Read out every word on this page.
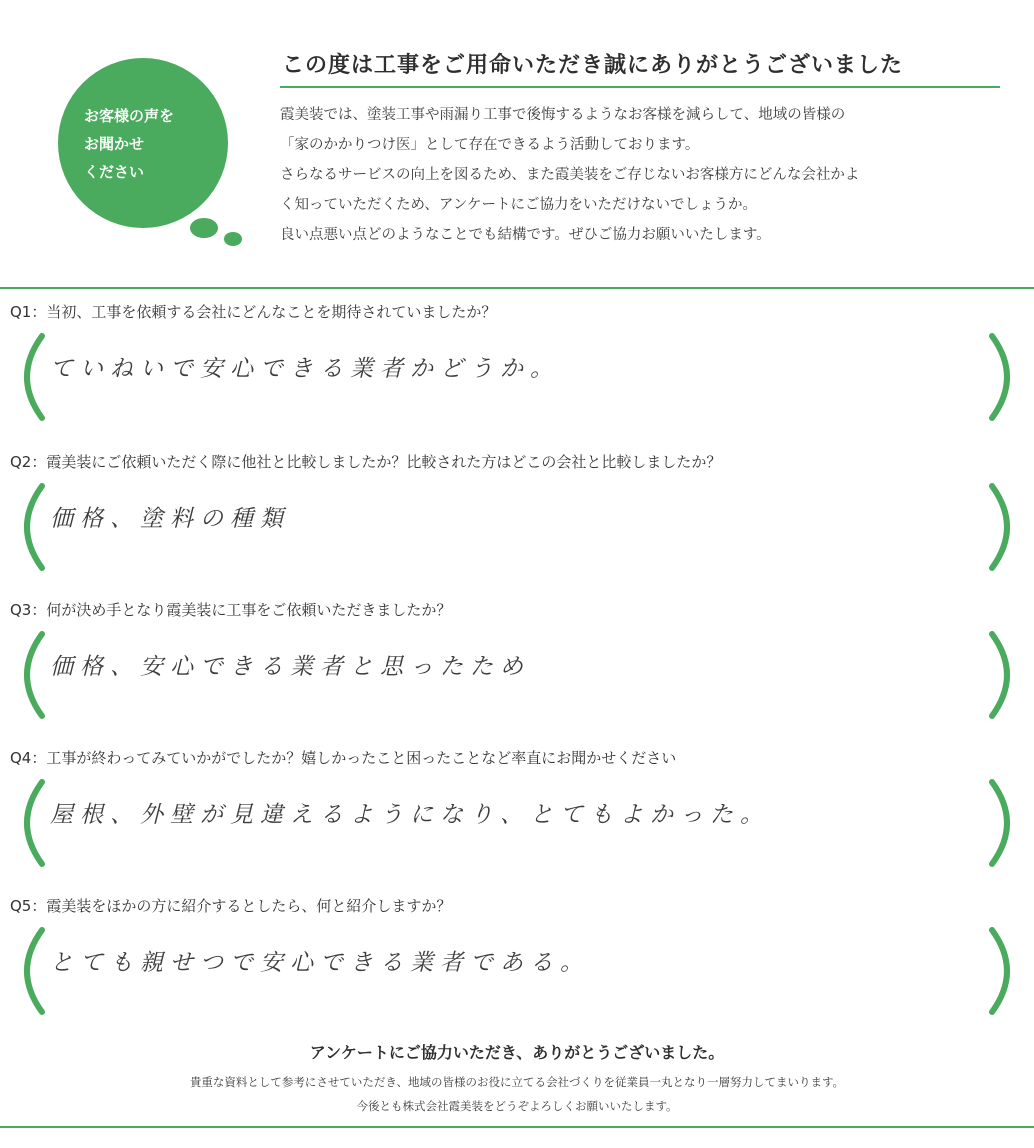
お客様の声を
お聞かせ
ください
この度は工事をご用命いただき誠にありがとうございました
霞美装では、塗装工事や雨漏り工事で後悔するようなお客様を減らして、地域の皆様の
「家のかかりつけ医」として存在できるよう活動しております。
さらなるサービスの向上を図るため、また霞美装をご存じないお客様方にどんな会社かよ
く知っていただくため、アンケートにご協力をいただけないでしょうか。
良い点悪い点どのようなことでも結構です。ぜひご協力お願いいたします。
Q1：当初、工事を依頼する会社にどんなことを期待されていましたか？
ていねいで安心できる業者かどうか。
Q2：霞美装にご依頼いただく際に他社と比較しましたか？比較された方はどこの会社と比較しましたか？
価格、塗料の種類
Q3：何が決め手となり霞美装に工事をご依頼いただきましたか？
価格、安心できる業者と思ったため
Q4：工事が終わってみていかがでしたか？嬉しかったこと困ったことなど率直にお聞かせください
屋根、外壁が見違えるようになり、とてもよかった。
Q5：霞美装をほかの方に紹介するとしたら、何と紹介しますか？
とても親せつで安心できる業者である。
アンケートにご協力いただき、ありがとうございました。
貴重な資料として参考にさせていただき、地域の皆様のお役に立てる会社づくりを従業員一丸となり一層努力してまいります。
今後とも株式会社霞美装をどうぞよろしくお願いいたします。
